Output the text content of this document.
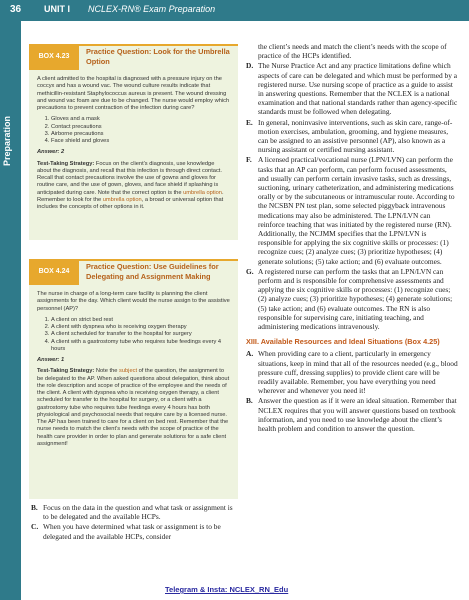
36	UNIT I NCLEX-RN® Exam Preparation
Preparation
BOX 4.23
Practice Question: Look for the Umbrella Option

A client admitted to the hospital is diagnosed with a pressure injury on the coccyx and has a wound vac. The wound culture results indicate that methicillin-resistant Staphylococcus aureus is present. The wound dressing and wound vac foam are due to be changed. The nurse would employ which precautions to prevent contraction of the infection during care?

1. Gloves and a mask
2. Contact precautions
3. Airborne precautions
4. Face shield and gloves

Answer: 2

Test-Taking Strategy: Focus on the client’s diagnosis, use knowledge about the diagnosis, and recall that this infection is through direct contact. Recall that contact precautions involve the use of gowns and gloves for routine care, and the use of gown, gloves, and face shield if splashing is anticipated during care. Note that the correct option is the umbrella option. Remember to look for the umbrella option, a broad or universal option that includes the concepts of other options in it.

BOX 4.24
Practice Question: Use Guidelines for Delegating and Assignment Making

The nurse in charge of a long-term care facility is planning the client assignments for the day. Which client would the nurse assign to the assistive personnel (AP)?

1. A client on strict bed rest
2. A client with dyspnea who is receiving oxygen therapy
3. A client scheduled for transfer to the hospital for surgery
4. A client with a gastrostomy tube who requires tube feedings every 4 hours

Answer: 1

Test-Taking Strategy: Note the subject of the question, the assignment to be delegated to the AP. When asked questions about delegation, think about the role description and scope of practice of the employee and the needs of the client. A client with dyspnea who is receiving oxygen therapy, a client scheduled for transfer to the hospital for surgery, or a client with a gastrostomy tube who requires tube feedings every 4 hours has both physiological and psychosocial needs that require care by a licensed nurse. The AP has been trained to care for a client on bed rest. Remember that the nurse needs to match the client’s needs with the scope of practice of the health care provider in order to plan and generate solutions for a safe client assignment!

B. Focus on the data in the question and what task or assignment is to be delegated and the available HCPs.
C. When you have determined what task or assignment is to be delegated and the available HCPs, consider

the client’s needs and match the client’s needs with the scope of practice of the HCPs identified.

D. The Nurse Practice Act and any practice limitations define which aspects of care can be delegated and which must be performed by a registered nurse. Use nursing scope of practice as a guide to assist in answering questions. Remember that the NCLEX is a national examination and that national standards rather than agency-specific standards must be followed when delegating.
E. In general, noninvasive interventions, such as skin care, range-of-motion exercises, ambulation, grooming, and hygiene measures, can be assigned to an assistive personnel (AP), also known as a nursing assistant or certified nursing assistant.
F. A licensed practical/vocational nurse (LPN/LVN) can perform the tasks that an AP can perform, can perform focused assessments, and usually can perform certain invasive tasks, such as dressings, suctioning, urinary catheterization, and administering medications orally or by the subcutaneous or intramuscular route. According to the NCSBN PN test plan, some selected piggyback intravenous medications may also be administered. The LPN/LVN can reinforce teaching that was initiated by the registered nurse (RN). Additionally, the NCJMM specifies that the LPN/LVN is responsible for applying the six cognitive skills or processes: (1) recognize cues; (2) analyze cues; (3) prioritize hypotheses; (4) generate solutions; (5) take action; and (6) evaluate outcomes.
G. A registered nurse can perform the tasks that an LPN/LVN can perform and is responsible for comprehensive assessments and applying the six cognitive skills or processes: (1) recognize cues; (2) analyze cues; (3) prioritize hypotheses; (4) generate solutions; (5) take action; and (6) evaluate outcomes. The RN is also responsible for supervising care, initiating teaching, and administering medications intravenously.
XIII. Available Resources and Ideal Situations (Box 4.25)
A. When providing care to a client, particularly in emergency situations, keep in mind that all of the resources needed (e.g., blood pressure cuff, dressing supplies) to provide client care will be readily available. Remember, you have everything you need wherever and whenever you need it!
B. Answer the question as if it were an ideal situation. Remember that NCLEX requires that you will answer questions based on textbook information, and you need to use knowledge about the client’s health problem and condition to answer the question.
Telegram & Insta: NCLEX_RN_Edu
